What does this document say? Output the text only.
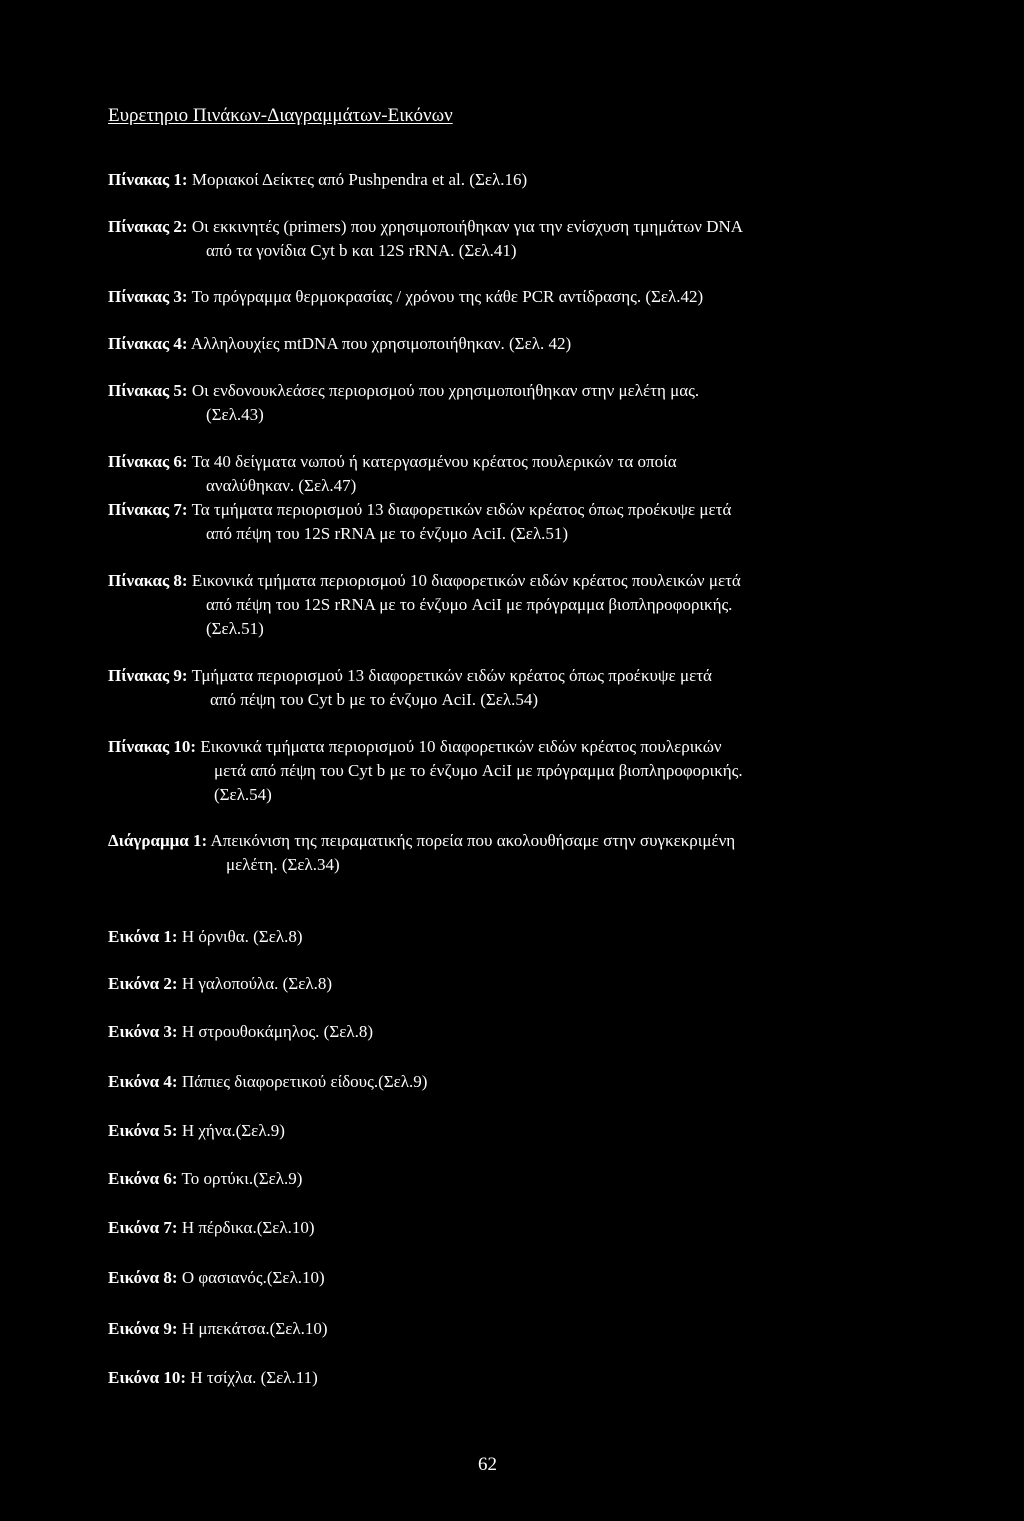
Ευρετηριο Πινάκων-Διαγραμμάτων-Εικόνων
Πίνακας 1: Μοριακοί Δείκτες από Pushpendra et al. (Σελ.16)
Πίνακας 2: Οι εκκινητές (primers) που χρησιμοποιήθηκαν για την ενίσχυση τμημάτων DNA
από τα γονίδια Cyt b και 12S rRNA. (Σελ.41)
Πίνακας 3: Το πρόγραμμα θερμοκρασίας / χρόνου της κάθε PCR αντίδρασης. (Σελ.42)
Πίνακας 4: Αλληλουχίες mtDNA που χρησιμοποιήθηκαν. (Σελ. 42)
Πίνακας 5: Οι ενδονουκλεάσες περιορισμού που χρησιμοποιήθηκαν στην μελέτη μας.
(Σελ.43)
Πίνακας 6: Τα 40 δείγματα νωπού ή κατεργασμένου κρέατος πουλερικών τα οποία
αναλύθηκαν. (Σελ.47)
Πίνακας 7: Τα τμήματα περιορισμού 13 διαφορετικών ειδών κρέατος όπως προέκυψε μετά
από πέψη του 12S rRNA με το ένζυμο AciI. (Σελ.51)
Πίνακας 8: Εικονικά τμήματα περιορισμού 10 διαφορετικών ειδών κρέατος πουλεικών μετά
από πέψη του 12S rRNA με το ένζυμο AciI με πρόγραμμα βιοπληροφορικής.
(Σελ.51)
Πίνακας 9: Τμήματα περιορισμού 13 διαφορετικών ειδών κρέατος όπως προέκυψε μετά
από πέψη του Cyt b με το ένζυμο AciI. (Σελ.54)
Πίνακας 10: Εικονικά τμήματα περιορισμού 10 διαφορετικών ειδών κρέατος πουλερικών
μετά από πέψη του Cyt b με το ένζυμο AciI με πρόγραμμα βιοπληροφορικής.
(Σελ.54)
Διάγραμμα 1: Απεικόνιση της πειραματικής πορεία που ακολουθήσαμε στην συγκεκριμένη
μελέτη. (Σελ.34)
Εικόνα 1: Η όρνιθα. (Σελ.8)
Εικόνα 2: Η γαλοπούλα. (Σελ.8)
Εικόνα 3: Η στρουθοκάμηλος. (Σελ.8)
Εικόνα 4: Πάπιες διαφορετικού είδους.(Σελ.9)
Εικόνα 5: Η χήνα.(Σελ.9)
Εικόνα 6: Το ορτύκι.(Σελ.9)
Εικόνα 7: Η πέρδικα.(Σελ.10)
Εικόνα 8: Ο φασιανός.(Σελ.10)
Εικόνα 9: Η μπεκάτσα.(Σελ.10)
Εικόνα 10: Η τσίχλα. (Σελ.11)
62
